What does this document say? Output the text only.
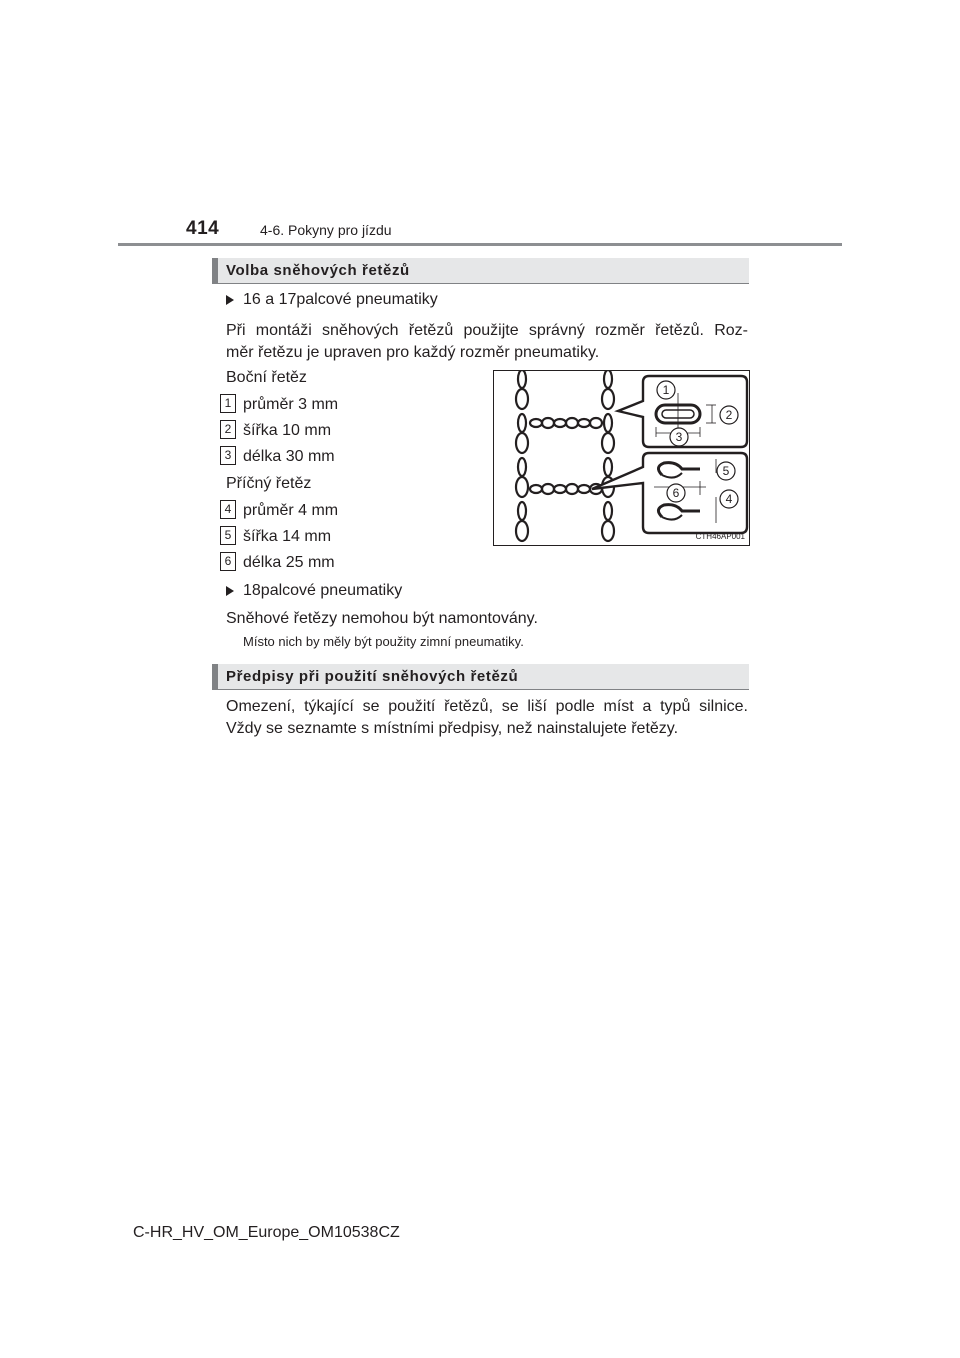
414	4-6. Pokyny pro jízdu
Volba sněhových řetězů
16 a 17palcové pneumatiky
Při montáži sněhových řetězů použijte správný rozměr řetězů. Roz-
měr řetězu je upraven pro každý rozměr pneumatiky.
Boční řetěz
1 průměr 3 mm
2 šířka 10 mm
3 délka 30 mm
Příčný řetěz
4 průměr 4 mm
5 šířka 14 mm
6 délka 25 mm
18palcové pneumatiky
Sněhové řetězy nemohou být namontovány.
Místo nich by měly být použity zimní pneumatiky.
1
2
3
4
5
6
CTH46AP001
Předpisy při použití sněhových řetězů
Omezení, týkající se použití řetězů, se liší podle míst a typů silnice.
Vždy se seznamte s místními předpisy, než nainstalujete řetězy.
C-HR_HV_OM_Europe_OM10538CZ
